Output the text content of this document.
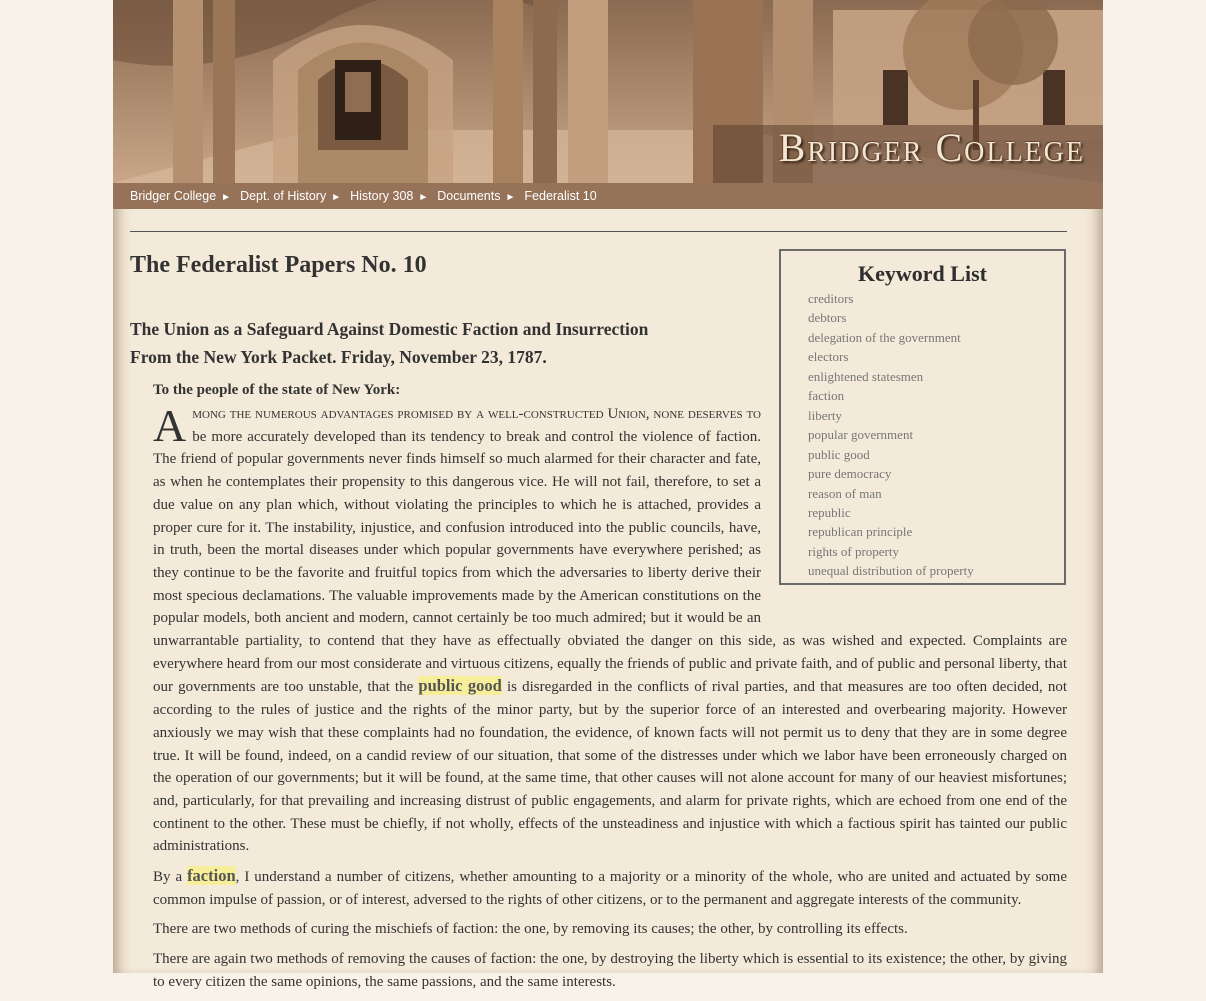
Bridger College
Bridger College ► Dept. of History ► History 308 ► Documents ► Federalist 10
The Federalist Papers No. 10
The Union as a Safeguard Against Domestic Faction and Insurrection
From the New York Packet. Friday, November 23, 1787.
Keyword List
creditors
debtors
delegation of the government
electors
enlightened statesmen
faction
liberty
popular government
public good
pure democracy
reason of man
republic
republican principle
rights of property
unequal distribution of property
To the people of the state of New York:

Among the numerous advantages promised by a well-constructed Union, none deserves to be more accurately developed than its tendency to break and control the violence of faction. The friend of popular governments never finds himself so much alarmed for their character and fate, as when he contemplates their propensity to this dangerous vice. He will not fail, therefore, to set a due value on any plan which, without violating the principles to which he is attached, provides a proper cure for it. The instability, injustice, and confusion introduced into the public councils, have, in truth, been the mortal diseases under which popular governments have everywhere perished; as they continue to be the favorite and fruitful topics from which the adversaries to liberty derive their most specious declamations. The valuable improvements made by the American constitutions on the popular models, both ancient and modern, cannot certainly be too much admired; but it would be an unwarrantable partiality, to contend that they have as effectually obviated the danger on this side, as was wished and expected. Complaints are everywhere heard from our most considerate and virtuous citizens, equally the friends of public and private faith, and of public and personal liberty, that our governments are too unstable, that the public good is disregarded in the conflicts of rival parties, and that measures are too often decided, not according to the rules of justice and the rights of the minor party, but by the superior force of an interested and overbearing majority. However anxiously we may wish that these complaints had no foundation, the evidence, of known facts will not permit us to deny that they are in some degree true. It will be found, indeed, on a candid review of our situation, that some of the distresses under which we labor have been erroneously charged on the operation of our governments; but it will be found, at the same time, that other causes will not alone account for many of our heaviest misfortunes; and, particularly, for that prevailing and increasing distrust of public engagements, and alarm for private rights, which are echoed from one end of the continent to the other. These must be chiefly, if not wholly, effects of the unsteadiness and injustice with which a factious spirit has tainted our public administrations.

By a faction, I understand a number of citizens, whether amounting to a majority or a minority of the whole, who are united and actuated by some common impulse of passion, or of interest, adversed to the rights of other citizens, or to the permanent and aggregate interests of the community.

There are two methods of curing the mischiefs of faction: the one, by removing its causes; the other, by controlling its effects.

There are again two methods of removing the causes of faction: the one, by destroying the liberty which is essential to its existence; the other, by giving to every citizen the same opinions, the same passions, and the same interests.
